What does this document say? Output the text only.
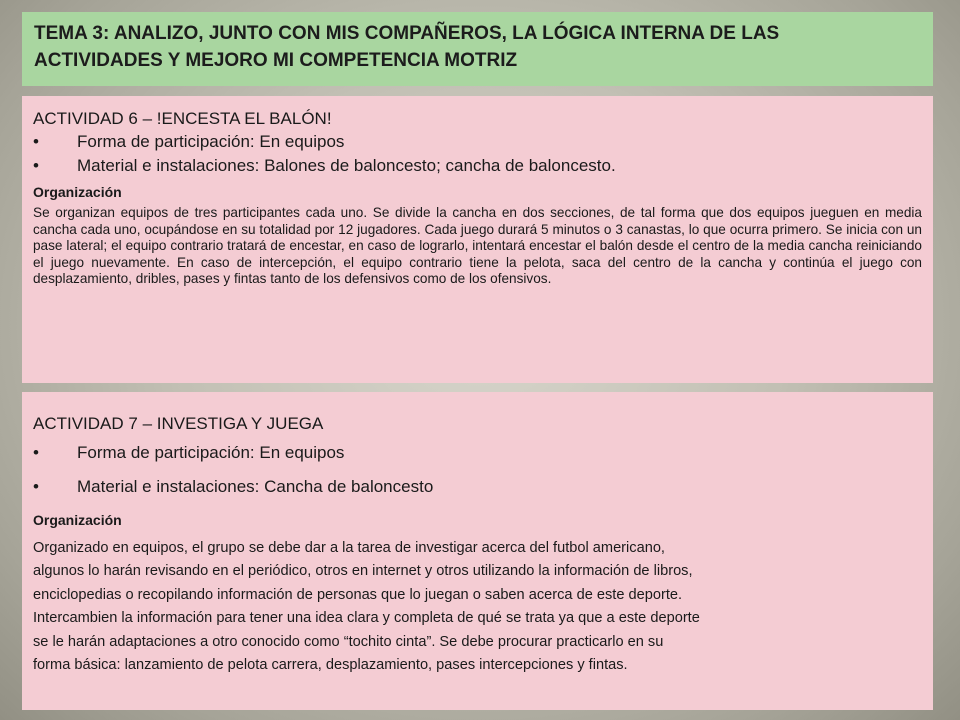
TEMA 3: ANALIZO, JUNTO CON MIS COMPAÑEROS, LA LÓGICA INTERNA DE LAS
ACTIVIDADES Y MEJORO MI COMPETENCIA MOTRIZ
ACTIVIDAD 6 – !ENCESTA EL BALÓN!
• Forma de participación: En equipos
• Material e instalaciones: Balones de baloncesto; cancha de baloncesto.
Organización
Se organizan equipos de tres participantes cada uno. Se divide la cancha en dos secciones, de tal forma que dos equipos jueguen en media cancha cada uno, ocupándose en su totalidad por 12 jugadores. Cada juego durará 5 minutos o 3 canastas, lo que ocurra primero. Se inicia con un pase lateral; el equipo contrario tratará de encestar, en caso de lograrlo, intentará encestar el balón desde el centro de la media cancha reiniciando el juego nuevamente. En caso de intercepción, el equipo contrario tiene la pelota, saca del centro de la cancha y continúa el juego con desplazamiento, dribles, pases y fintas tanto de los defensivos como de los ofensivos.
ACTIVIDAD 7 – INVESTIGA Y JUEGA
• Forma de participación: En equipos
• Material e instalaciones: Cancha de baloncesto
Organización
Organizado en equipos, el grupo se debe dar a la tarea de investigar acerca del futbol americano,
algunos lo harán revisando en el periódico, otros en internet y otros utilizando la información de libros,
enciclopedias o recopilando información de personas que lo juegan o saben acerca de este deporte.
Intercambien la información para tener una idea clara y completa de qué se trata ya que a este deporte
se le harán adaptaciones a otro conocido como “tochito cinta”. Se debe procurar practicarlo en su
forma básica: lanzamiento de pelota carrera, desplazamiento, pases intercepciones y fintas.
